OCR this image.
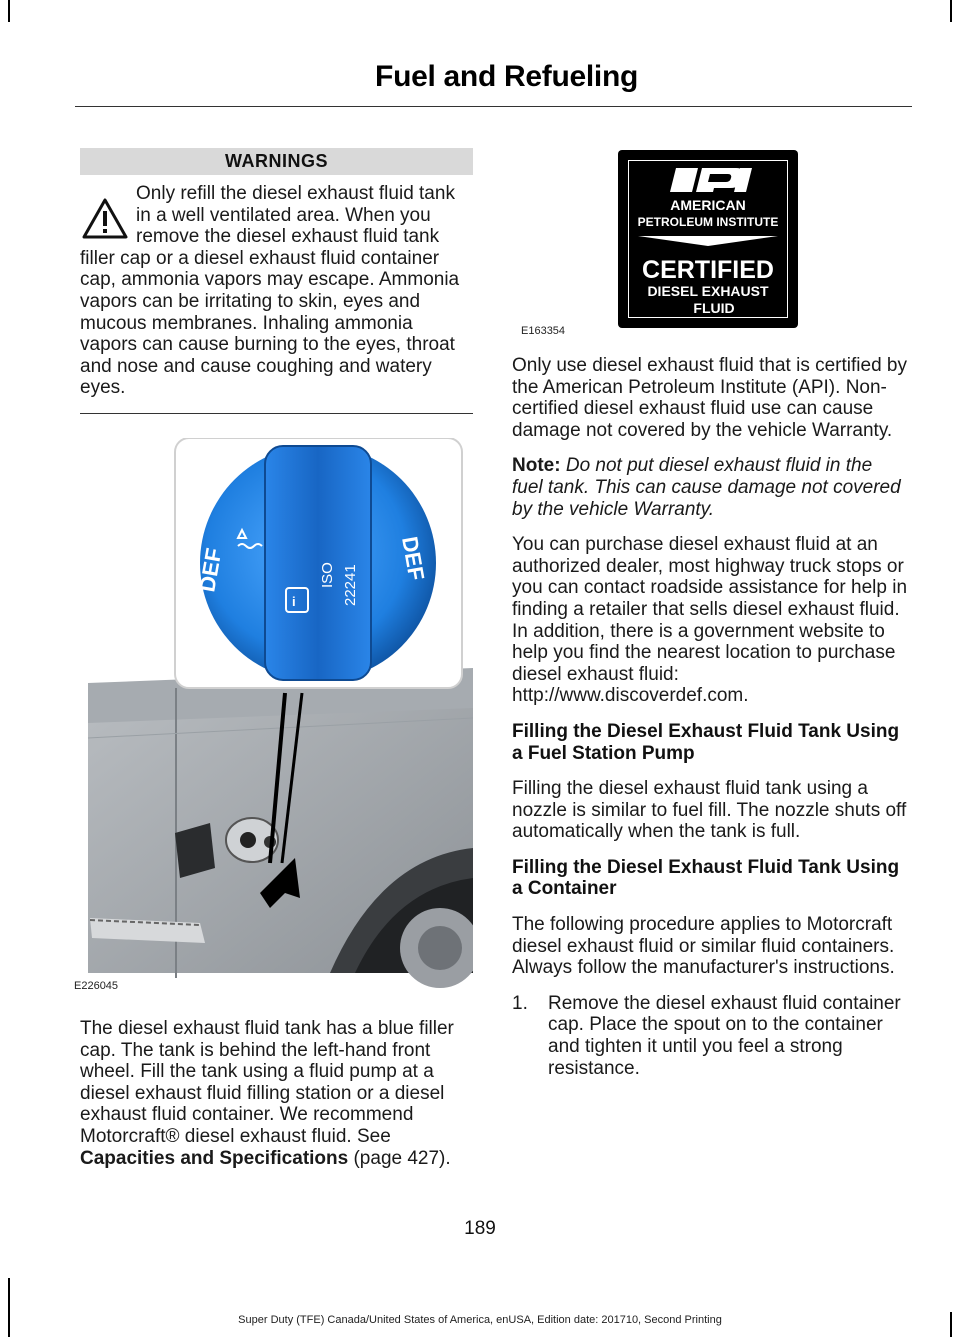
Fuel and Refueling
WARNINGS
Only refill the diesel exhaust fluid tank in a well ventilated area. When you remove the diesel exhaust fluid tank filler cap or a diesel exhaust fluid container cap, ammonia vapors may escape. Ammonia vapors can be irritating to skin, eyes and mucous membranes. Inhaling ammonia vapors can cause burning to the eyes, throat and nose and cause coughing and watery eyes.
DEF	DEF
ISO 22241
i
E226045

The diesel exhaust fluid tank has a blue filler cap. The tank is behind the left-hand front wheel. Fill the tank using a fluid pump at a diesel exhaust fluid filling station or a diesel exhaust fluid container. We recommend Motorcraft® diesel exhaust fluid. See Capacities and Specifications (page 427).

AMERICAN
PETROLEUM INSTITUTE
CERTIFIED
DIESEL EXHAUST
FLUID
E163354

Only use diesel exhaust fluid that is certified by the American Petroleum Institute (API). Non-certified diesel exhaust fluid use can cause damage not covered by the vehicle Warranty.

Note: Do not put diesel exhaust fluid in the fuel tank. This can cause damage not covered by the vehicle Warranty.

You can purchase diesel exhaust fluid at an authorized dealer, most highway truck stops or you can contact roadside assistance for help in finding a retailer that sells diesel exhaust fluid. In addition, there is a government website to help you find the nearest location to purchase diesel exhaust fluid:
http://www.discoverdef.com.

Filling the Diesel Exhaust Fluid Tank Using a Fuel Station Pump

Filling the diesel exhaust fluid tank using a nozzle is similar to fuel fill. The nozzle shuts off automatically when the tank is full.

Filling the Diesel Exhaust Fluid Tank Using a Container

The following procedure applies to Motorcraft diesel exhaust fluid or similar fluid containers. Always follow the manufacturer's instructions.

1. Remove the diesel exhaust fluid container cap. Place the spout on to the container and tighten it until you feel a strong resistance.
189
Super Duty (TFE) Canada/United States of America, enUSA, Edition date: 201710, Second Printing
